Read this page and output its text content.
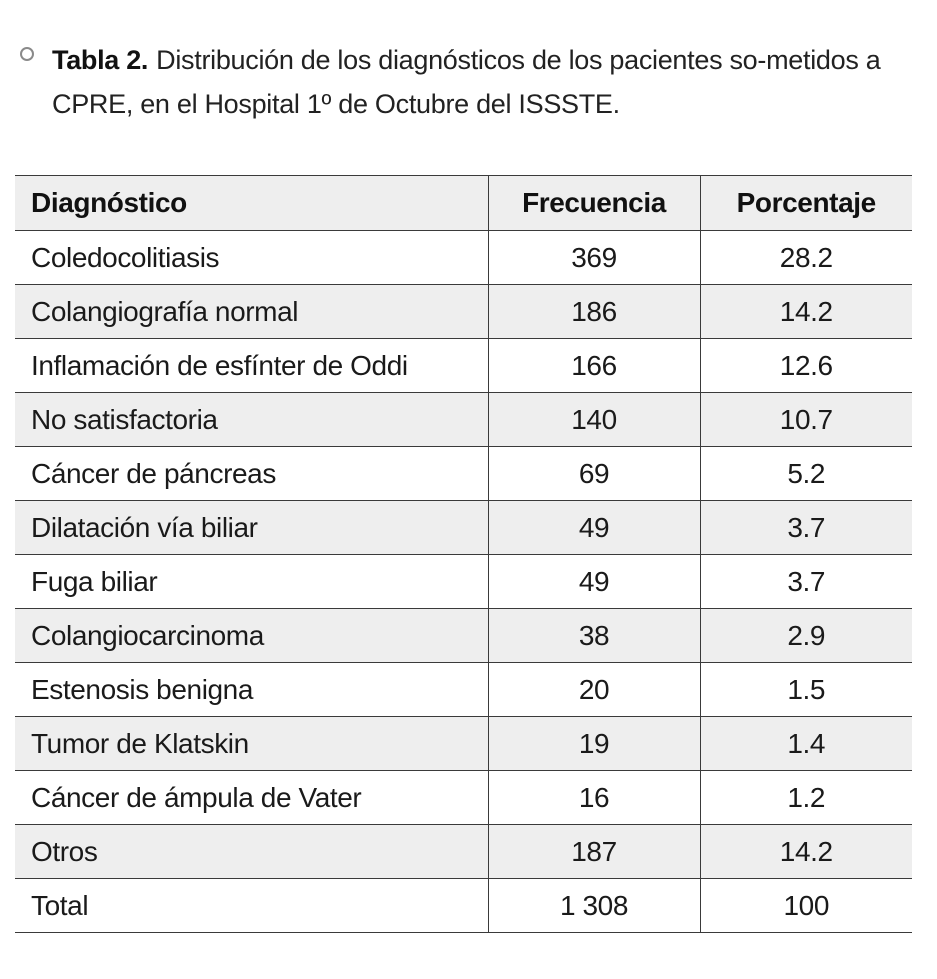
Tabla 2. Distribución de los diagnósticos de los pacientes so-metidos a CPRE, en el Hospital 1º de Octubre del ISSSTE.
Diagnóstico	Frecuencia	Porcentaje
Coledocolitiasis	369	28.2
Colangiografía normal	186	14.2
Inflamación de esfínter de Oddi	166	12.6
No satisfactoria	140	10.7
Cáncer de páncreas	69	5.2
Dilatación vía biliar	49	3.7
Fuga biliar	49	3.7
Colangiocarcinoma	38	2.9
Estenosis benigna	20	1.5
Tumor de Klatskin	19	1.4
Cáncer de ámpula de Vater	16	1.2
Otros	187	14.2
Total	1 308	100
